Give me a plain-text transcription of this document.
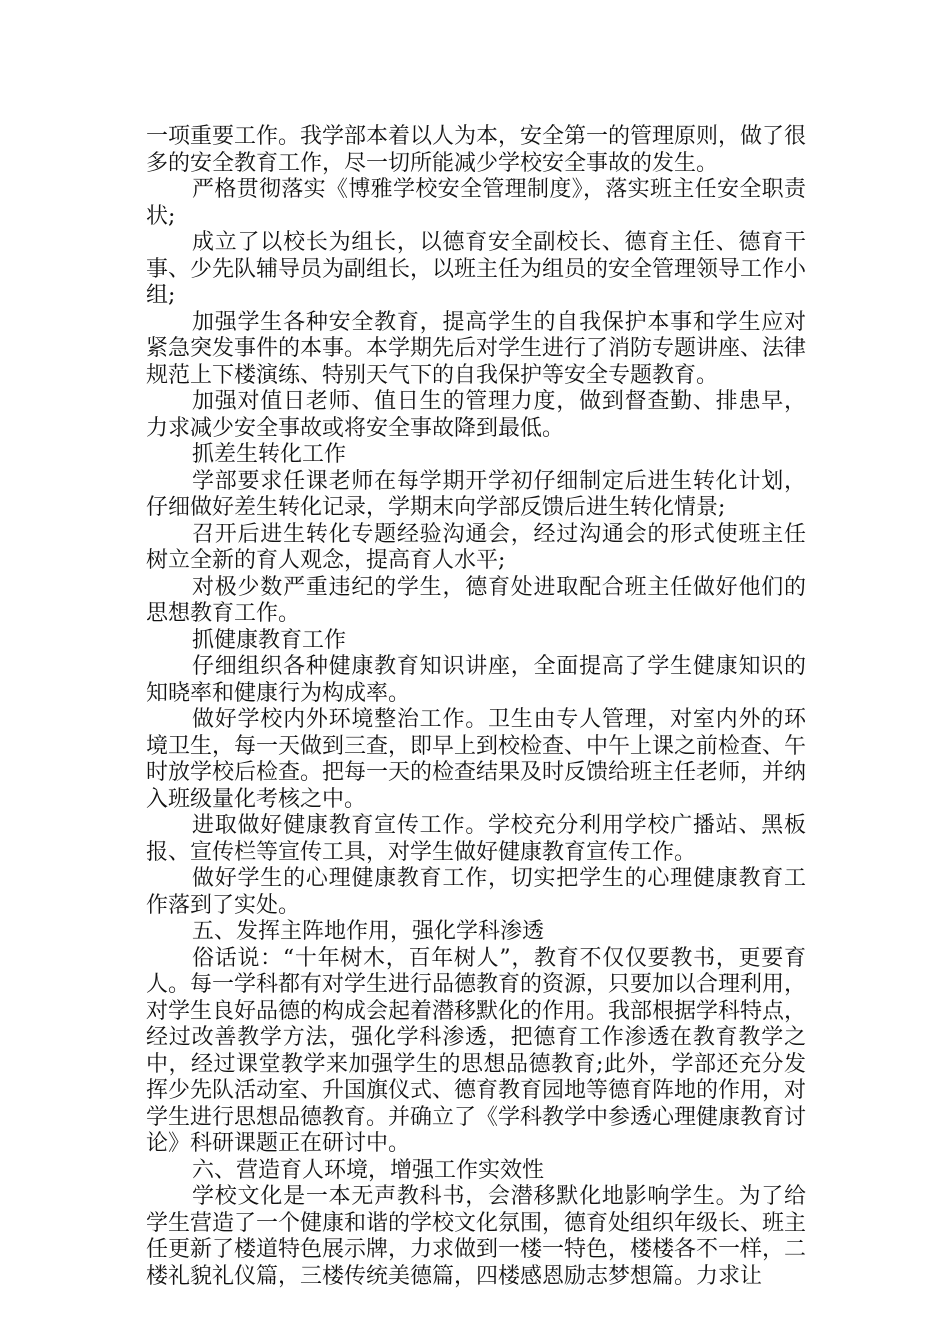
一项重要工作。我学部本着以人为本，安全第一的管理原则，做了很多的安全教育工作，尽一切所能减少学校安全事故的发生。

严格贯彻落实《博雅学校安全管理制度》，落实班主任安全职责状;

成立了以校长为组长，以德育安全副校长、德育主任、德育干事、少先队辅导员为副组长，以班主任为组员的安全管理领导工作小组;

加强学生各种安全教育，提高学生的自我保护本事和学生应对紧急突发事件的本事。本学期先后对学生进行了消防专题讲座、法律规范上下楼演练、特别天气下的自我保护等安全专题教育。

加强对值日老师、值日生的管理力度，做到督查勤、排患早，力求减少安全事故或将安全事故降到最低。

抓差生转化工作

学部要求任课老师在每学期开学初仔细制定后进生转化计划，仔细做好差生转化记录，学期末向学部反馈后进生转化情景;

召开后进生转化专题经验沟通会，经过沟通会的形式使班主任树立全新的育人观念，提高育人水平;

对极少数严重违纪的学生，德育处进取配合班主任做好他们的思想教育工作。

抓健康教育工作

仔细组织各种健康教育知识讲座，全面提高了学生健康知识的知晓率和健康行为构成率。

做好学校内外环境整治工作。卫生由专人管理，对室内外的环境卫生，每一天做到三查，即早上到校检查、中午上课之前检查、午时放学校后检查。把每一天的检查结果及时反馈给班主任老师，并纳入班级量化考核之中。

进取做好健康教育宣传工作。学校充分利用学校广播站、黑板报、宣传栏等宣传工具，对学生做好健康教育宣传工作。

做好学生的心理健康教育工作，切实把学生的心理健康教育工作落到了实处。

五、发挥主阵地作用，强化学科渗透

俗话说：“十年树木，百年树人”，教育不仅仅要教书，更要育人。每一学科都有对学生进行品德教育的资源，只要加以合理利用，对学生良好品德的构成会起着潜移默化的作用。我部根据学科特点，经过改善教学方法，强化学科渗透，把德育工作渗透在教育教学之中，经过课堂教学来加强学生的思想品德教育;此外，学部还充分发挥少先队活动室、升国旗仪式、德育教育园地等德育阵地的作用，对学生进行思想品德教育。并确立了《学科教学中参透心理健康教育讨论》科研课题正在研讨中。

六、营造育人环境，增强工作实效性

学校文化是一本无声教科书，会潜移默化地影响学生。为了给学生营造了一个健康和谐的学校文化氛围，德育处组织年级长、班主任更新了楼道特色展示牌，力求做到一楼一特色，楼楼各不一样，二楼礼貌礼仪篇，三楼传统美德篇，四楼感恩励志梦想篇。力求让
